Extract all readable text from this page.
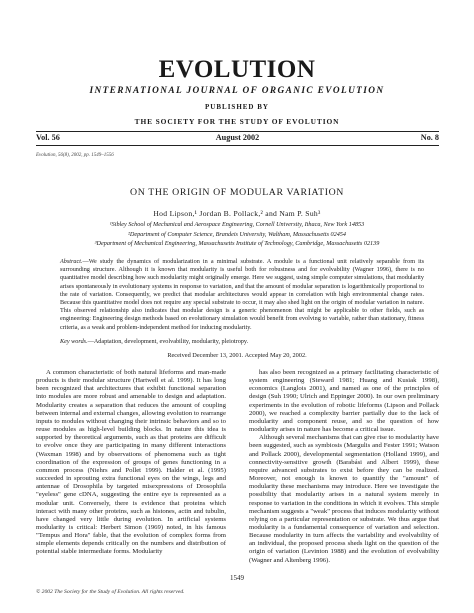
EVOLUTION
INTERNATIONAL JOURNAL OF ORGANIC EVOLUTION
PUBLISHED BY
THE SOCIETY FOR THE STUDY OF EVOLUTION
Vol. 56	August 2002	No. 8
Evolution, 56(8), 2002, pp. 1549–1556
ON THE ORIGIN OF MODULAR VARIATION
Hod Lipson,¹ Jordan B. Pollack,² and Nam P. Suh³
¹Sibley School of Mechanical and Aerospace Engineering, Cornell University, Ithaca, New York 14853
²Department of Computer Science, Brandeis University, Waltham, Massachusetts 02454
³Department of Mechanical Engineering, Massachusetts Institute of Technology, Cambridge, Massachusetts 02139
Abstract.—We study the dynamics of modularization in a minimal substrate. A module is a functional unit relatively separable from its surrounding structure. Although it is known that modularity is useful both for robustness and for evolvability (Wagner 1996), there is no quantitative model describing how such modularity might originally emerge. Here we suggest, using simple computer simulations, that modularity arises spontaneously in evolutionary systems in response to variation, and that the amount of modular separation is logarithmically proportional to the rate of variation. Consequently, we predict that modular architectures would appear in correlation with high environmental change rates. Because this quantitative model does not require any special substrate to occur, it may also shed light on the origin of modular variation in nature. This observed relationship also indicates that modular design is a generic phenomenon that might be applicable to other fields, such as engineering: Engineering design methods based on evolutionary simulation would benefit from evolving to variable, rather than stationary, fitness criteria, as a weak and problem-independent method for inducing modularity.
Key words.—Adaptation, development, evolvability, modularity, pleiotropy.
Received December 13, 2001. Accepted May 20, 2002.

A common characteristic of both natural lifeforms and man-made products is their modular structure (Hartwell et al. 1999). It has long been recognized that architectures that exhibit functional separation into modules are more robust and amenable to design and adaptation. Modularity creates a separation that reduces the amount of coupling between internal and external changes, allowing evolution to rearrange inputs to modules without changing their intrinsic behaviors and so to reuse modules as high-level building blocks. In nature this idea is supported by theoretical arguments, such as that proteins are difficult to evolve once they are participating in many different interactions (Waxman 1998) and by observations of phenomena such as tight coordination of the expression of groups of genes functioning in a common process (Niehrs and Pollet 1999). Halder et al. (1995) succeeded in sprouting extra functional eyes on the wings, legs and antennae of Drosophila by targeted misexpressions of Drosophila "eyeless" gene cDNA, suggesting the entire eye is represented as a modular unit. Conversely, there is evidence that proteins which interact with many other proteins, such as histones, actin and tubulin, have changed very little during evolution. In artificial systems modularity is critical: Herbert Simon (1969) noted, in his famous "Tempus and Hora" fable, that the evolution of complex forms from simple elements depends critically on the numbers and distribution of potential stable intermediate forms. Modularity

has also been recognized as a primary facilitating characteristic of system engineering (Steward 1981; Huang and Kusiak 1998), economics (Langlois 2001), and named as one of the principles of design (Suh 1990; Ulrich and Eppinger 2000). In our own preliminary experiments in the evolution of robotic lifeforms (Lipson and Pollack 2000), we reached a complexity barrier partially due to the lack of modularity and component reuse, and so the question of how modularity arises in nature has become a critical issue.

Although several mechanisms that can give rise to modularity have been suggested, such as symbiosis (Margulis and Fester 1991; Watson and Pollack 2000), developmental segmentation (Holland 1999), and connectivity-sensitive growth (Barabási and Albert 1999), these require advanced substrates to exist before they can be realized. Moreover, not enough is known to quantify the "amount" of modularity these mechanisms may introduce. Here we investigate the possibility that modularity arises in a natural system merely in response to variation in the conditions in which it evolves. This simple mechanism suggests a "weak" process that induces modularity without relying on a particular representation or substrate. We thus argue that modularity is a fundamental consequence of variation and selection. Because modularity in turn affects the variability and evolvability of an individual, the proposed process sheds light on the question of the origin of variation (Levinton 1988) and the evolution of evolvability (Wagner and Altenberg 1996).

1549
© 2002 The Society for the Study of Evolution. All rights reserved.
